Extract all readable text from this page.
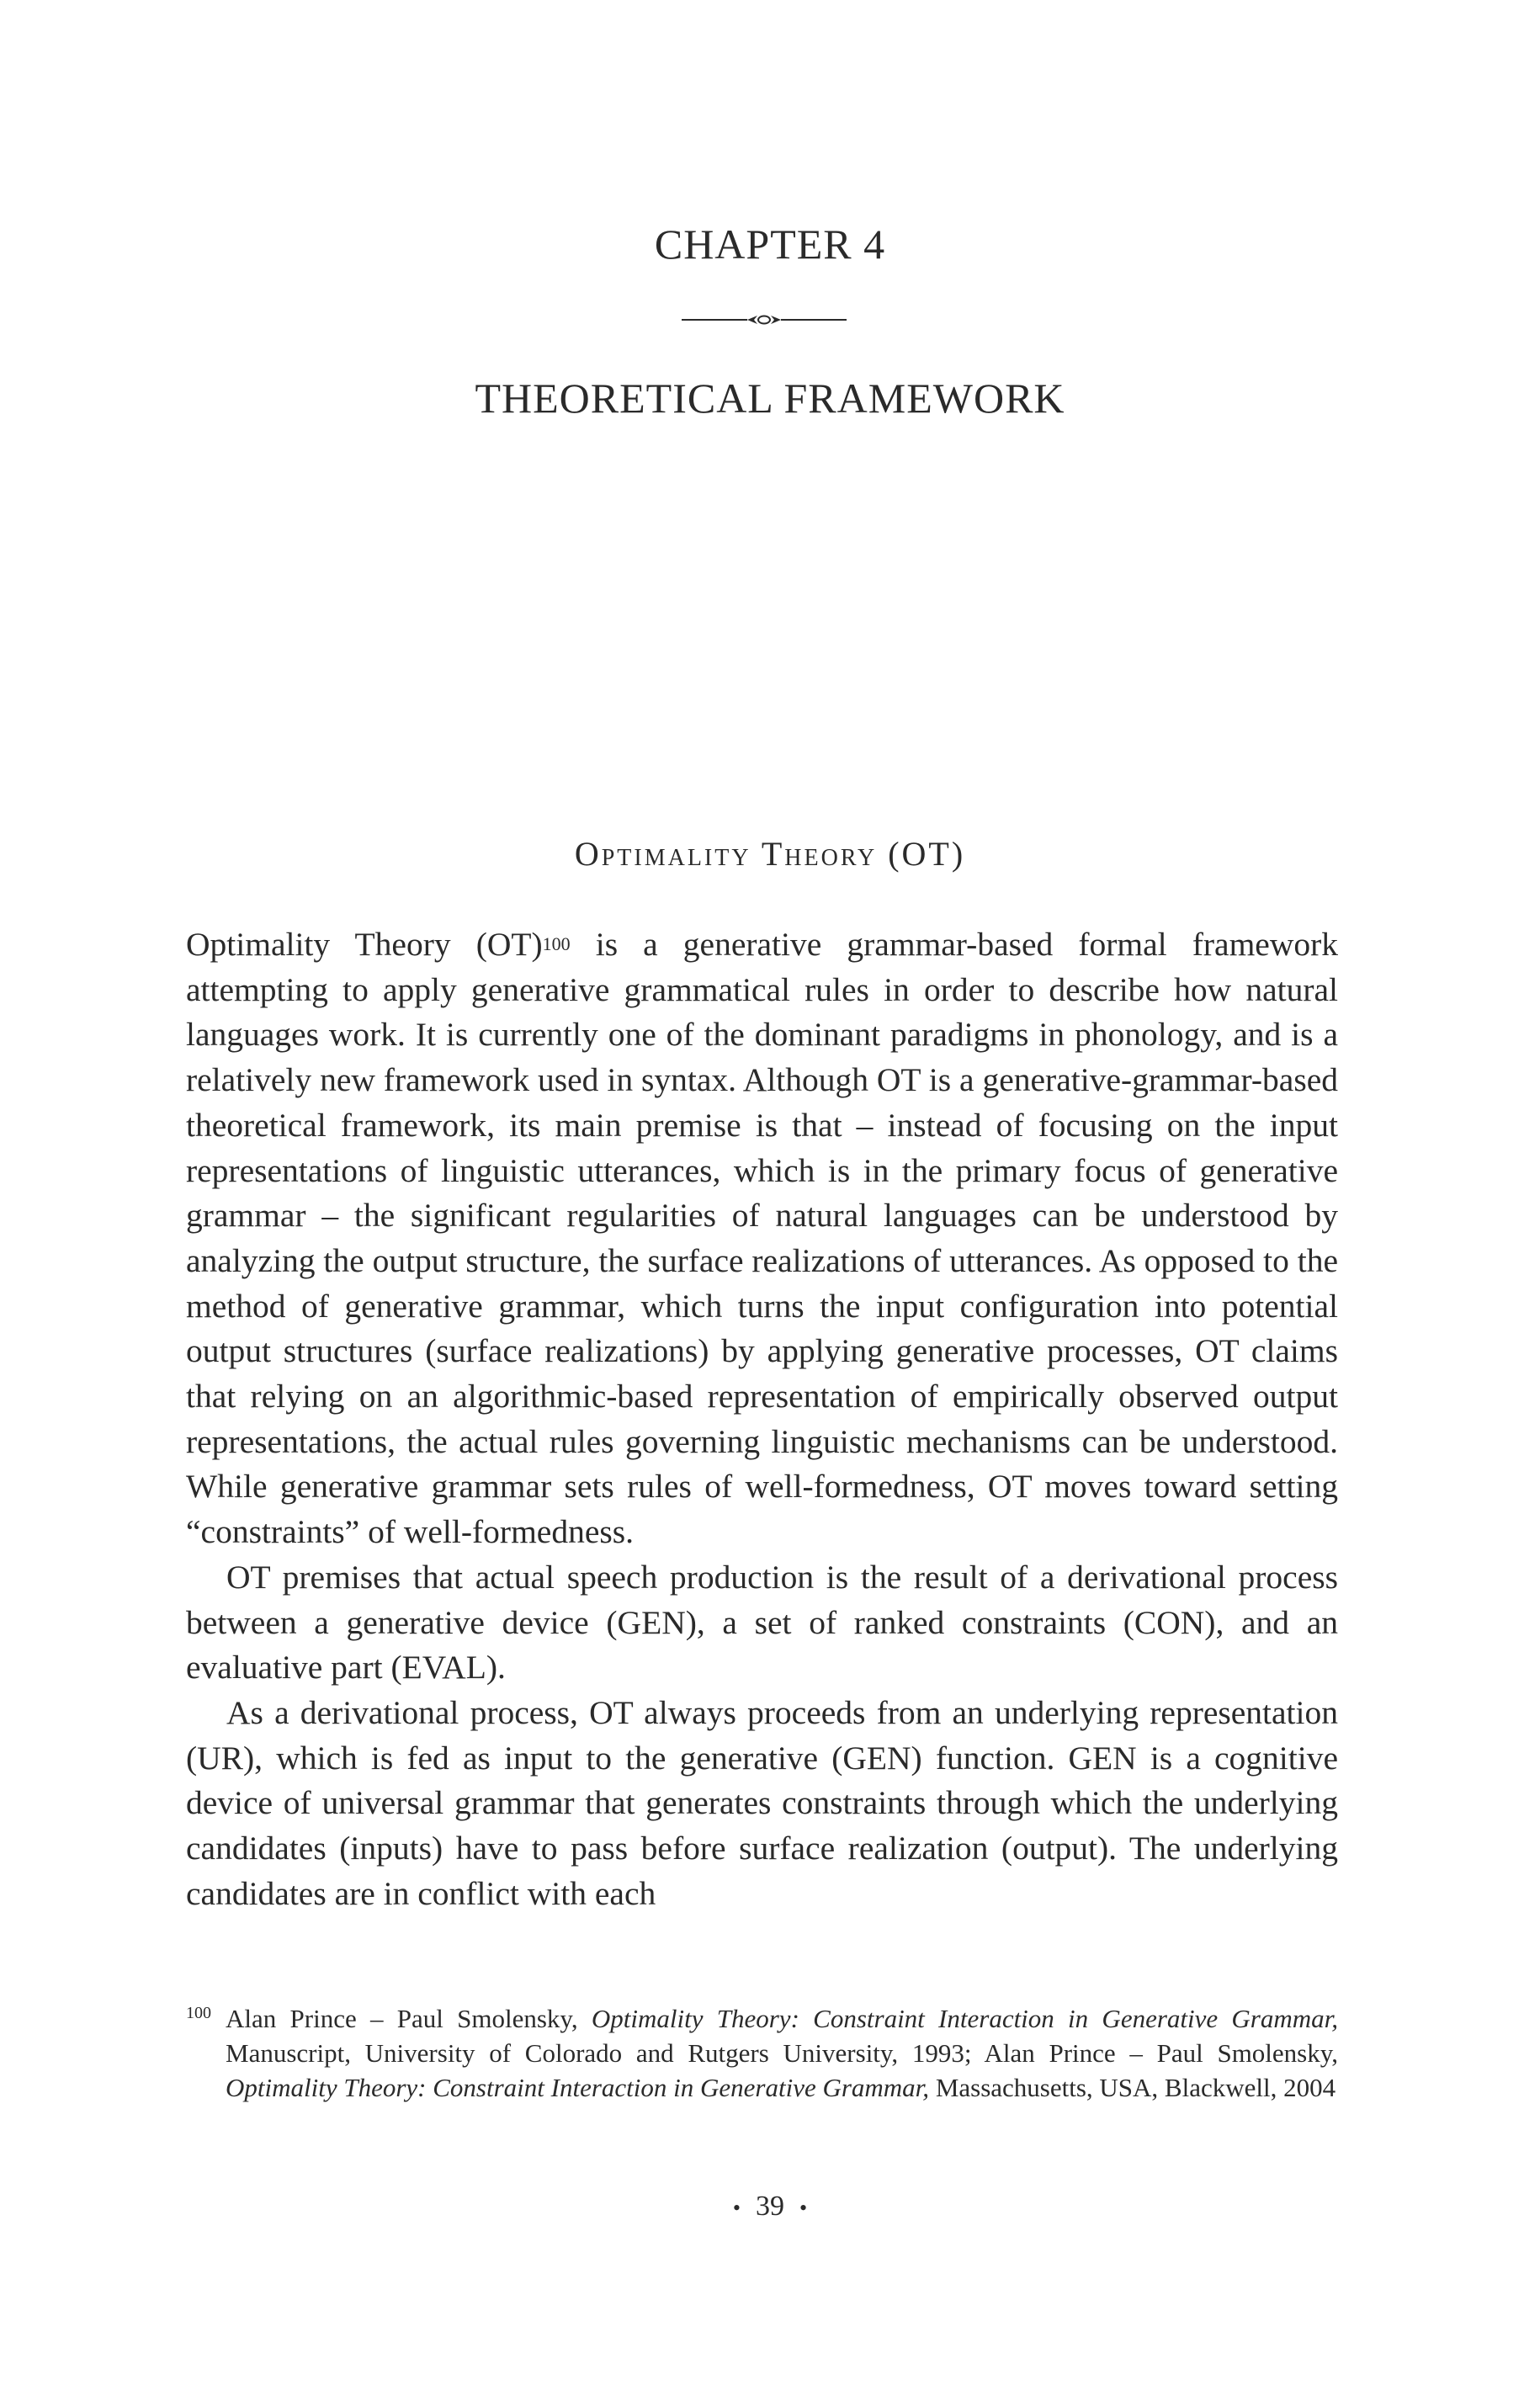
CHAPTER 4
THEORETICAL FRAMEWORK
Optimality Theory (OT)

Optimality Theory (OT)$^{100}$ is a generative grammar-based formal framework attempting to apply generative grammatical rules in order to describe how natural languages work. It is currently one of the dominant paradigms in phonology, and is a relatively new framework used in syntax. Although OT is a generative-grammar-based theoretical framework, its main premise is that – instead of focusing on the input representations of linguistic utterances, which is in the primary focus of generative grammar – the significant regularities of natural languages can be understood by analyzing the output structure, the surface realizations of utterances. As opposed to the method of generative grammar, which turns the input configuration into potential output structures (surface realizations) by applying generative processes, OT claims that relying on an algorithmic-based representation of empirically observed output representations, the actual rules governing linguistic mechanisms can be understood. While generative grammar sets rules of well-formedness, OT moves toward setting “constraints” of well-formedness.

OT premises that actual speech production is the result of a derivational process between a generative device (GEN), a set of ranked constraints (CON), and an evaluative part (EVAL).

As a derivational process, OT always proceeds from an underlying representation (UR), which is fed as input to the generative (GEN) function. GEN is a cognitive device of universal grammar that generates constraints through which the underlying candidates (inputs) have to pass before surface realization (output). The underlying candidates are in conflict with each

100 Alan Prince – Paul Smolensky, Optimality Theory: Constraint Interaction in Generative Grammar, Manuscript, University of Colorado and Rutgers University, 1993; Alan Prince – Paul Smolensky, Optimality Theory: Constraint Interaction in Generative Grammar, Massachusetts, USA, Blackwell, 2004
• 39 •
